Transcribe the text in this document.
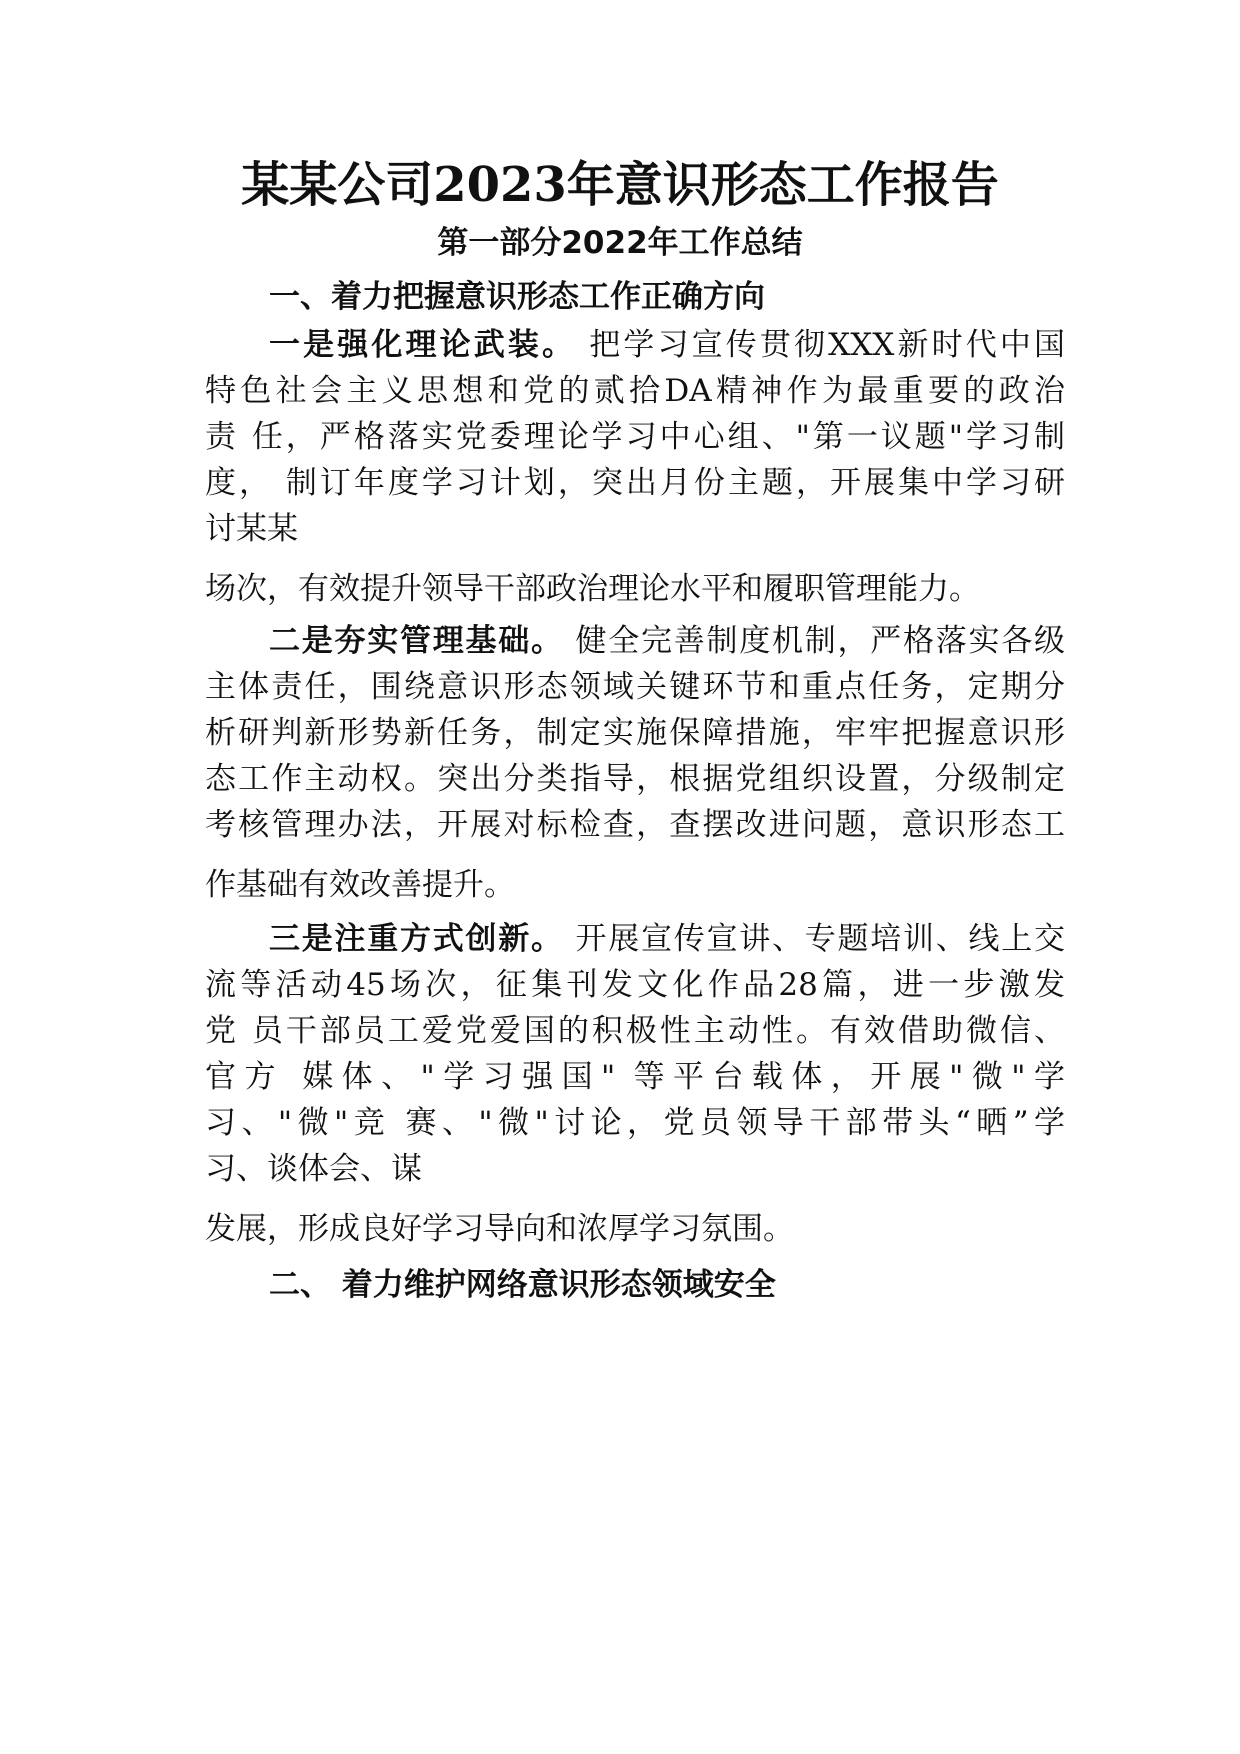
某某公司2023年意识形态工作报告
第一部分2022年工作总结
一、着力把握意识形态工作正确方向
一是强化理论武装。 把学习宣传贯彻XXX新时代中国
特色社会主义思想和党的贰拾DA精神作为最重要的政治
责 任，严格落实党委理论学习中心组、"第一议题"学习制
度， 制订年度学习计划，突出月份主题，开展集中学习研
讨某某
场次，有效提升领导干部政治理论水平和履职管理能力。
二是夯实管理基础。 健全完善制度机制，严格落实各级
主体责任，围绕意识形态领域关键环节和重点任务，定期分
析研判新形势新任务，制定实施保障措施，牢牢把握意识形
态工作主动权。突出分类指导，根据党组织设置，分级制定
考核管理办法，开展对标检查，查摆改进问题，意识形态工
作基础有效改善提升。
三是注重方式创新。 开展宣传宣讲、专题培训、线上交
流等活动45场次，征集刊发文化作品28篇，进一步激发
党 员干部员工爱党爱国的积极性主动性。有效借助微信、
官方 媒体、"学习强国" 等平台载体，开展"微"学
习、"微"竞 赛、"微"讨论，党员领导干部带头“晒”学
习、谈体会、谋
发展，形成良好学习导向和浓厚学习氛围。
二、 着力维护网络意识形态领域安全
